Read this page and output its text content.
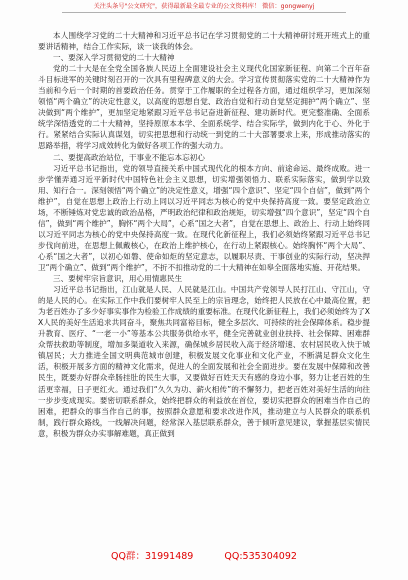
关注头条号"公文研究"，获得最新最全最专业的公文资料库！ 微信：gongwenyj

本人围绕学习党的二十大精神和习近平总书记在学习贯彻党的二十大精神研讨班开班式上的重要讲话精神，结合工作实际，谈一谈我的体会。

一、要深入学习贯彻党的二十大精神

党的二十大是在全党全国各族人民迈上全面建设社会主义现代化国家新征程、向第二个百年奋斗目标进军的关键时刻召开的一次具有里程碑意义的大会。学习宣传贯彻落实党的二十大精神作为当前和今后一个时期的首要政治任务。贯穿于工作履职的全过程各方面，通过组织学习，更加深刻领悟“两个确立”的决定性意义，以高度的思想自觉、政治自觉和行动自觉坚定拥护“两个确立”、坚决做到“两个维护”，更加坚定地紧跟习近平总书记奋进新征程、建功新时代。更完整准确、全面系统学深悟透党的二十大精神，坚持原原本本学、全面系统学、结合实际学，做到内化于心、外化于行。紧紧结合实际认真谋划，切实把思想和行动统一到党的二十大部署要求上来，形成推动落实的思路举措，将学习成效转化为做好各项工作的强大动力。

二、要提高政治站位，干事业不能忘本忘初心

习近平总书记指出，党的领导直接关系中国式现代化的根本方向、前途命运、最终成败。进一步学懂弄通习近平新时代中国特色社会主义思想，切实增强领悟力、联系实际落实，做到学以致用、知行合一。深刻领悟“两个确立”的决定性意义，增强“四个意识”、坚定“四个自信”，做到“两个维护”，自觉在思想上政治上行动上同以习近平同志为核心的党中央保持高度一致。要坚定政治立场，不断锤炼对党忠诚的政治品格，严明政治纪律和政治规矩，切实增强“四个意识”，坚定“四个自信”，做到“两个维护”，胸怀“两个大局”，心系“国之大者”，自觉在思想上、政治上、行动上始终同以习近平同志为核心的党中央保持高度一致。在现代化新征程上，我们必须始终紧跟习近平总书记步伐向前进，在思想上佩戴核心，在政治上维护核心，在行动上紧跟核心。始终胸怀“两个大局”、心系“国之大者”，以初心如磐、使命如炬的坚定意志，以履职尽责、干事创业的实际行动，坚决捍卫“两个确立”、做到“两个维护”，不折不扣推动党的二十大精神在如皋全面落地实施、开花结果。

三、要树牢宗旨意识，用心用情惠民生

习近平总书记指出，江山就是人民、人民就是江山。中国共产党领导人民打江山、守江山，守的是人民的心。在实际工作中我们要树牢人民至上的宗旨理念，始终把人民放在心中最高位置，把为老百姓办了多少好事实事作为检验工作成绩的重要标准。在现代化新征程上，我们必须始终为了XX人民的美好生活追求共同奋斗，聚焦共同富裕目标，健全多层次、可持续的社会保障体系。稳步提升教育、医疗、“一老一小”等基本公共服务供给水平，健全完善就业创业扶持、社会保障、困难群众帮扶救助等制度，增加多渠道收入来源，确保城乡居民收入高于经济增速、农村居民收入快于城镇居民；大力推进全国文明典范城市创建，积极发展文化事业和文化产业，不断满足群众文化生活，积极开展多方面的精神文化需求，促进人的全面发展和社会全面进步。要在发展中保障和改善民生，既要办好群众牵肠挂肚的民生大事，又要做好百姓天天有感的身边小事，努力让老百姓的生活更幸福，日子更红火。通过我们“久久为功、薪火相传”的不懈努力，把老百姓对美好生活的向往一步步变成现实。要密切联系群众，始终把群众的利益放在首位，要切实把群众的困难当作自己的困难，把群众的事当作自己的事，按照群众意愿和要求改进作风，推动建立与人民群众的联系机制，践行群众路线，一线解决问题，经常深入基层联系群众，善于倾听意见建议，掌握基层实情民意，积极为群众办实事解难题，真正做到

QQ群：31991489	QQ:535304092
